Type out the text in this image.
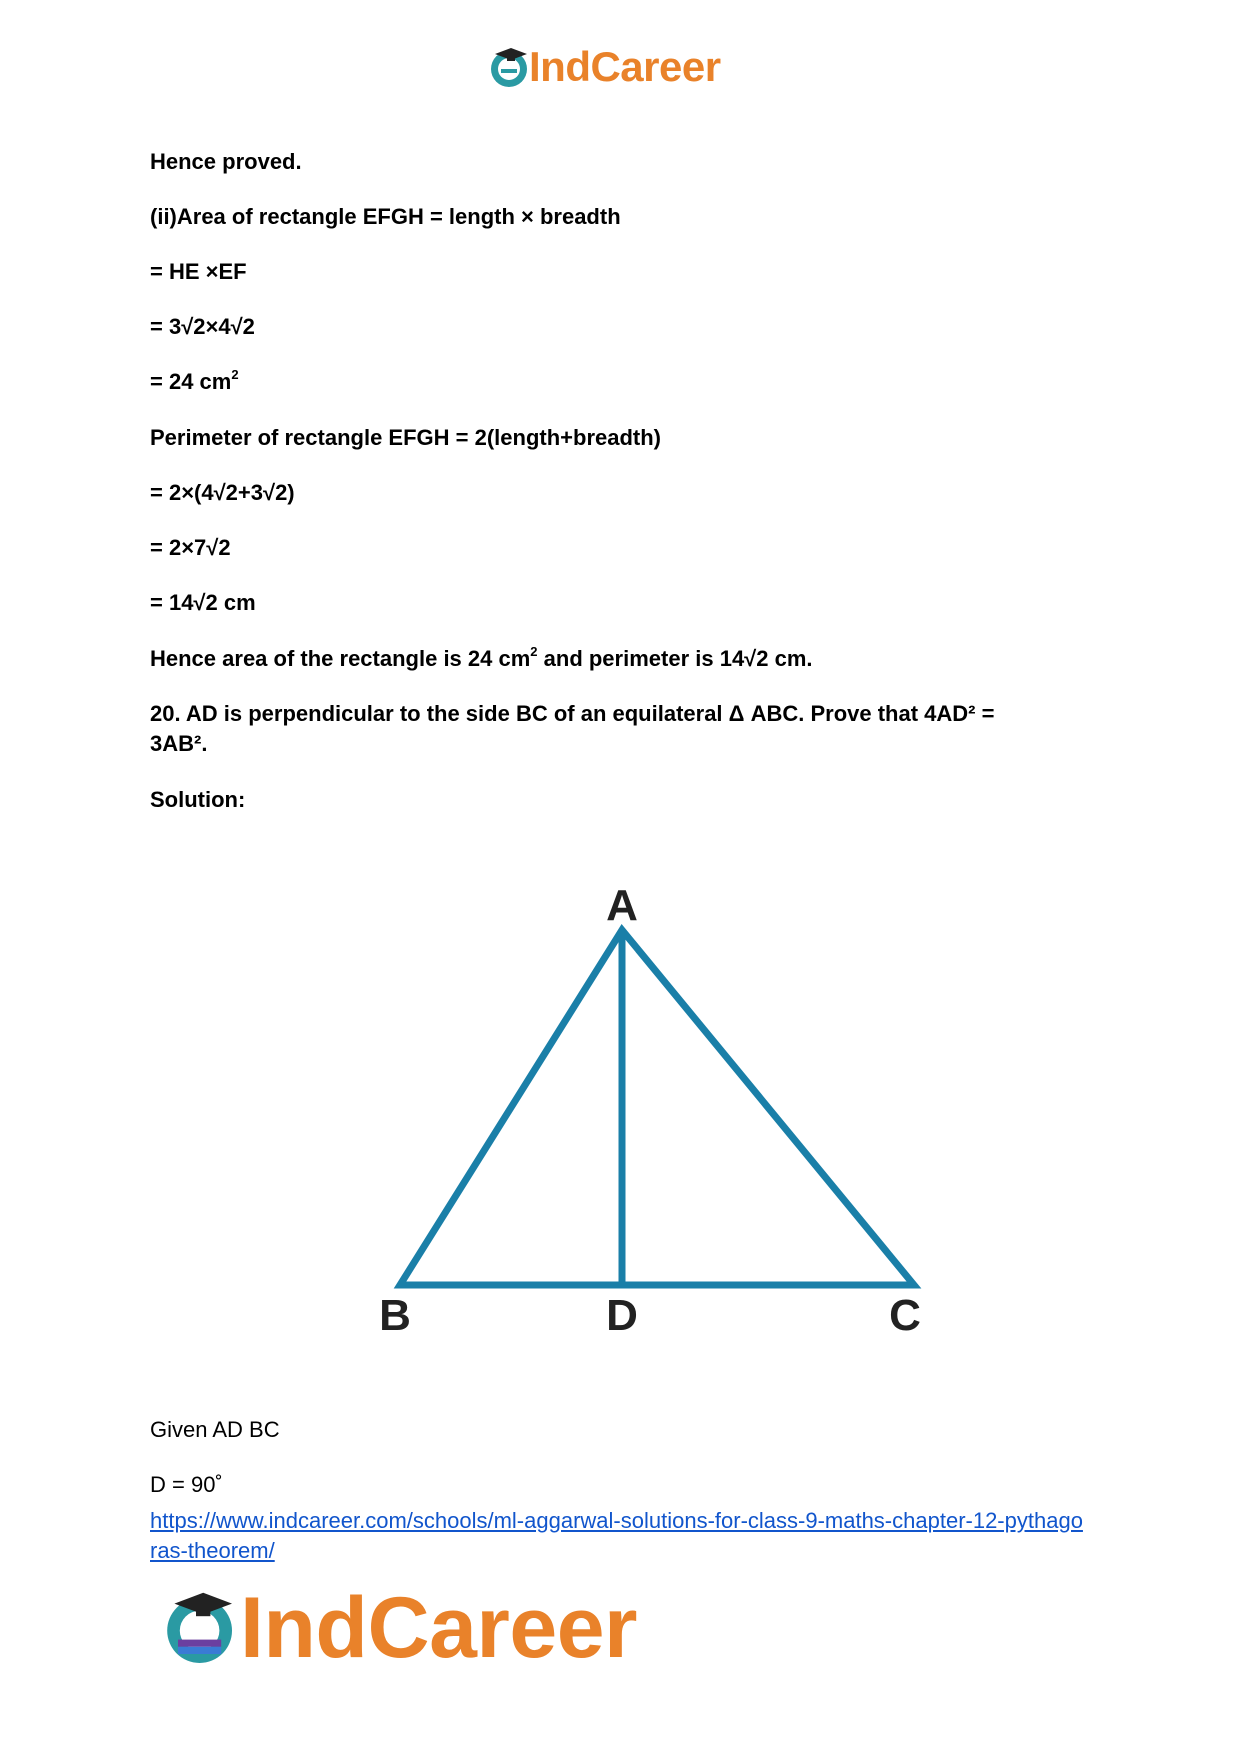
IndCareer
Hence proved.
(ii)Area of rectangle EFGH = length × breadth
= HE ×EF
= 3√2×4√2
= 24 $cm^2$
Perimeter of rectangle EFGH = 2(length+breadth)
= 2×(4√2+3√2)
= 2×7√2
= 14√2 cm
Hence area of the rectangle is 24 $cm^2$ and perimeter is 14√2 cm.
20. AD is perpendicular to the side BC of an equilateral Δ ABC. Prove that 4AD² =
3AB².
Solution:
A
B	D	C
Given AD BC
D = 90˚
https://www.indcareer.com/schools/ml-aggarwal-solutions-for-class-9-maths-chapter-12-pythagoras-theorem/
IndCareer
